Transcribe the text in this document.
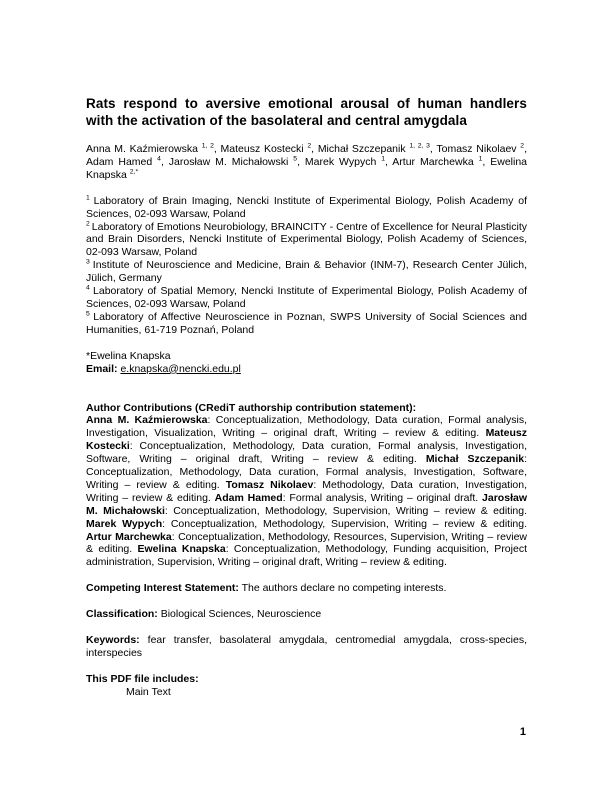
Rats respond to aversive emotional arousal of human handlers with the activation of the basolateral and central amygdala

Anna M. Kaźmierowska $^{1, 2}$, Mateusz Kostecki $^2$, Michał Szczepanik $^{1, 2, 3}$, Tomasz Nikolaev $^2$, Adam Hamed $^4$, Jarosław M. Michałowski $^5$, Marek Wypych $^1$, Artur Marchewka $^1$, Ewelina Knapska $^{2,*}$

$^1$ Laboratory of Brain Imaging, Nencki Institute of Experimental Biology, Polish Academy of Sciences, 02-093 Warsaw, Poland

$^2$ Laboratory of Emotions Neurobiology, BRAINCITY - Centre of Excellence for Neural Plasticity and Brain Disorders, Nencki Institute of Experimental Biology, Polish Academy of Sciences, 02-093 Warsaw, Poland

$^3$ Institute of Neuroscience and Medicine, Brain & Behavior (INM-7), Research Center Jülich, Jülich, Germany

$^4$ Laboratory of Spatial Memory, Nencki Institute of Experimental Biology, Polish Academy of Sciences, 02-093 Warsaw, Poland

$^5$ Laboratory of Affective Neuroscience in Poznan, SWPS University of Social Sciences and Humanities, 61-719 Poznań, Poland

*Ewelina Knapska

Email: e.knapska@nencki.edu.pl

Author Contributions (CRediT authorship contribution statement):

Anna M. Kaźmierowska: Conceptualization, Methodology, Data curation, Formal analysis, Investigation, Visualization, Writing – original draft, Writing – review & editing. Mateusz Kostecki: Conceptualization, Methodology, Data curation, Formal analysis, Investigation, Software, Writing – original draft, Writing – review & editing. Michał Szczepanik: Conceptualization, Methodology, Data curation, Formal analysis, Investigation, Software, Writing – review & editing. Tomasz Nikolaev: Methodology, Data curation, Investigation, Writing – review & editing. Adam Hamed: Formal analysis, Writing – original draft. Jarosław M. Michałowski: Conceptualization, Methodology, Supervision, Writing – review & editing. Marek Wypych: Conceptualization, Methodology, Supervision, Writing – review & editing. Artur Marchewka: Conceptualization, Methodology, Resources, Supervision, Writing – review & editing. Ewelina Knapska: Conceptualization, Methodology, Funding acquisition, Project administration, Supervision, Writing – original draft, Writing – review & editing.

Competing Interest Statement: The authors declare no competing interests.

Classification: Biological Sciences, Neuroscience

Keywords: fear transfer, basolateral amygdala, centromedial amygdala, cross-species, interspecies

This PDF file includes:

Main Text

1
